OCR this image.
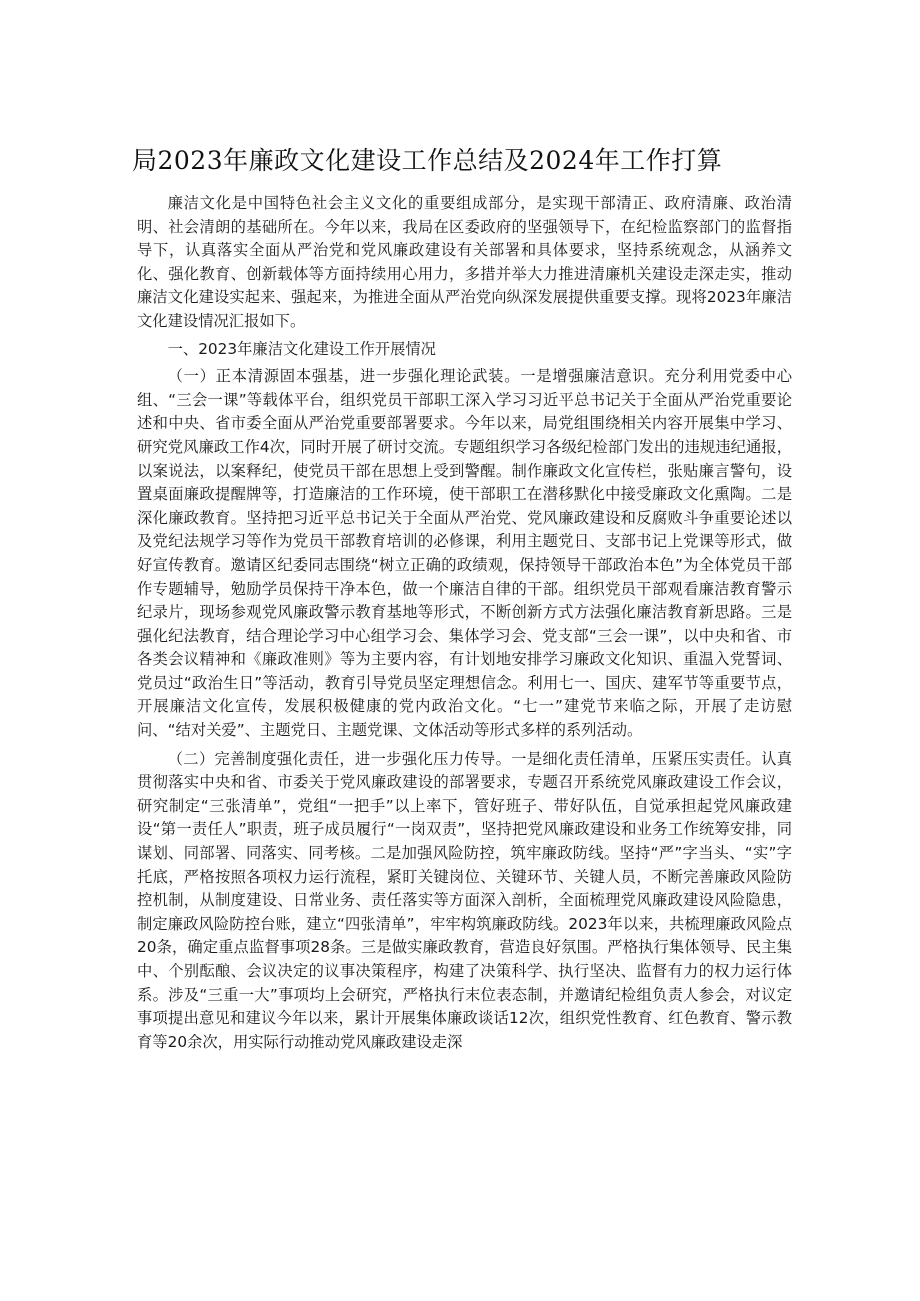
局2023年廉政文化建设工作总结及2024年工作打算

廉洁文化是中国特色社会主义文化的重要组成部分，是实现干部清正、政府清廉、政治清明、社会清朗的基础所在。今年以来，我局在区委政府的坚强领导下，在纪检监察部门的监督指导下，认真落实全面从严治党和党风廉政建设有关部署和具体要求，坚持系统观念，从涵养文化、强化教育、创新载体等方面持续用心用力，多措并举大力推进清廉机关建设走深走实，推动廉洁文化建设实起来、强起来，为推进全面从严治党向纵深发展提供重要支撑。现将2023年廉洁文化建设情况汇报如下。

一、2023年廉洁文化建设工作开展情况

（一）正本清源固本强基，进一步强化理论武装。一是增强廉洁意识。充分利用党委中心组、“三会一课”等载体平台，组织党员干部职工深入学习习近平总书记关于全面从严治党重要论述和中央、省市委全面从严治党重要部署要求。今年以来，局党组围绕相关内容开展集中学习、研究党风廉政工作4次，同时开展了研讨交流。专题组织学习各级纪检部门发出的违规违纪通报，以案说法，以案释纪，使党员干部在思想上受到警醒。制作廉政文化宣传栏，张贴廉言警句，设置桌面廉政提醒牌等，打造廉洁的工作环境，使干部职工在潜移默化中接受廉政文化熏陶。二是深化廉政教育。坚持把习近平总书记关于全面从严治党、党风廉政建设和反腐败斗争重要论述以及党纪法规学习等作为党员干部教育培训的必修课，利用主题党日、支部书记上党课等形式，做好宣传教育。邀请区纪委同志围绕“树立正确的政绩观，保持领导干部政治本色”为全体党员干部作专题辅导，勉励学员保持干净本色，做一个廉洁自律的干部。组织党员干部观看廉洁教育警示纪录片，现场参观党风廉政警示教育基地等形式，不断创新方式方法强化廉洁教育新思路。三是强化纪法教育，结合理论学习中心组学习会、集体学习会、党支部“三会一课”，以中央和省、市各类会议精神和《廉政准则》等为主要内容，有计划地安排学习廉政文化知识、重温入党誓词、党员过“政治生日”等活动，教育引导党员坚定理想信念。利用七一、国庆、建军节等重要节点，开展廉洁文化宣传，发展积极健康的党内政治文化。“七一”建党节来临之际，开展了走访慰问、“结对关爱”、主题党日、主题党课、文体活动等形式多样的系列活动。

（二）完善制度强化责任，进一步强化压力传导。一是细化责任清单，压紧压实责任。认真贯彻落实中央和省、市委关于党风廉政建设的部署要求，专题召开系统党风廉政建设工作会议，研究制定“三张清单”，党组“一把手”以上率下，管好班子、带好队伍，自觉承担起党风廉政建设“第一责任人”职责，班子成员履行“一岗双责”，坚持把党风廉政建设和业务工作统筹安排，同谋划、同部署、同落实、同考核。二是加强风险防控，筑牢廉政防线。坚持“严”字当头、“实”字托底，严格按照各项权力运行流程，紧盯关键岗位、关键环节、关键人员，不断完善廉政风险防控机制，从制度建设、日常业务、责任落实等方面深入剖析，全面梳理党风廉政建设风险隐患，制定廉政风险防控台账，建立“四张清单”，牢牢构筑廉政防线。2023年以来，共梳理廉政风险点20条，确定重点监督事项28条。三是做实廉政教育，营造良好氛围。严格执行集体领导、民主集中、个别酝酿、会议决定的议事决策程序，构建了决策科学、执行坚决、监督有力的权力运行体系。涉及“三重一大”事项均上会研究，严格执行末位表态制，并邀请纪检组负责人参会，对议定事项提出意见和建议今年以来，累计开展集体廉政谈话12次，组织党性教育、红色教育、警示教育等20余次，用实际行动推动党风廉政建设走深
